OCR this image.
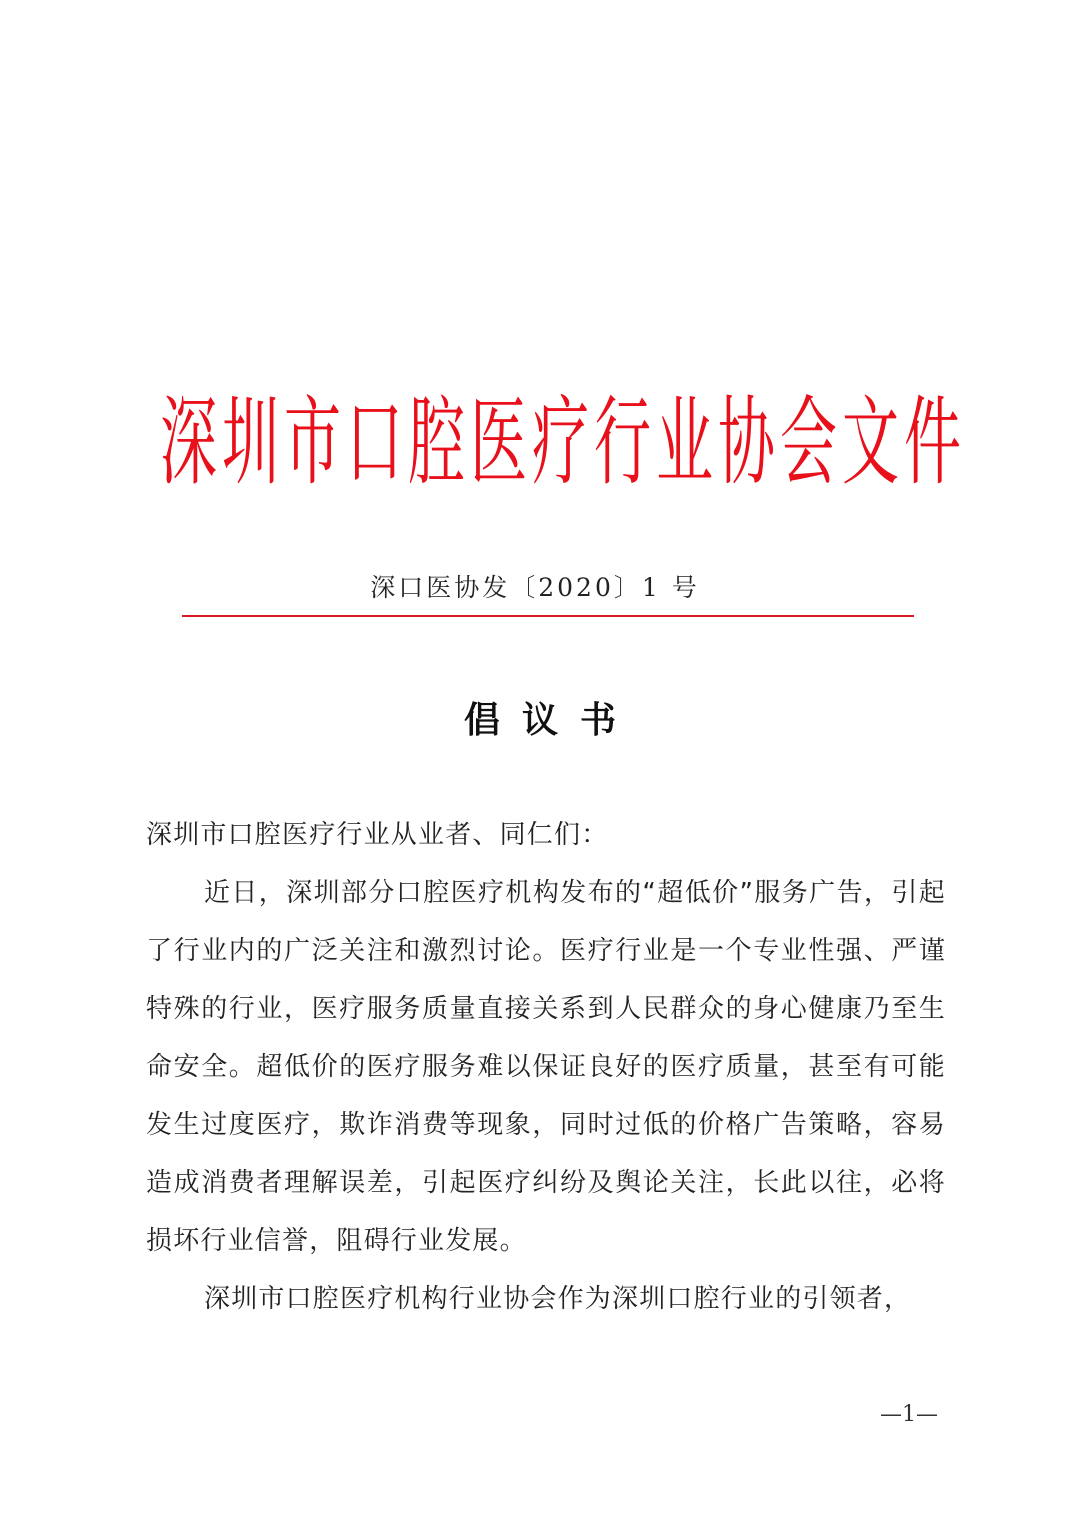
深圳市口腔医疗行业协会文件
深口医协发〔2020〕1 号
倡议书

深圳市口腔医疗行业从业者、同仁们：

近日，深圳部分口腔医疗机构发布的“超低价”服务广告，引起了行业内的广泛关注和激烈讨论。医疗行业是一个专业性强、严谨特殊的行业，医疗服务质量直接关系到人民群众的身心健康乃至生命安全。超低价的医疗服务难以保证良好的医疗质量，甚至有可能发生过度医疗，欺诈消费等现象，同时过低的价格广告策略，容易造成消费者理解误差，引起医疗纠纷及舆论关注，长此以往，必将损坏行业信誉，阻碍行业发展。

深圳市口腔医疗机构行业协会作为深圳口腔行业的引领者，

—1—
